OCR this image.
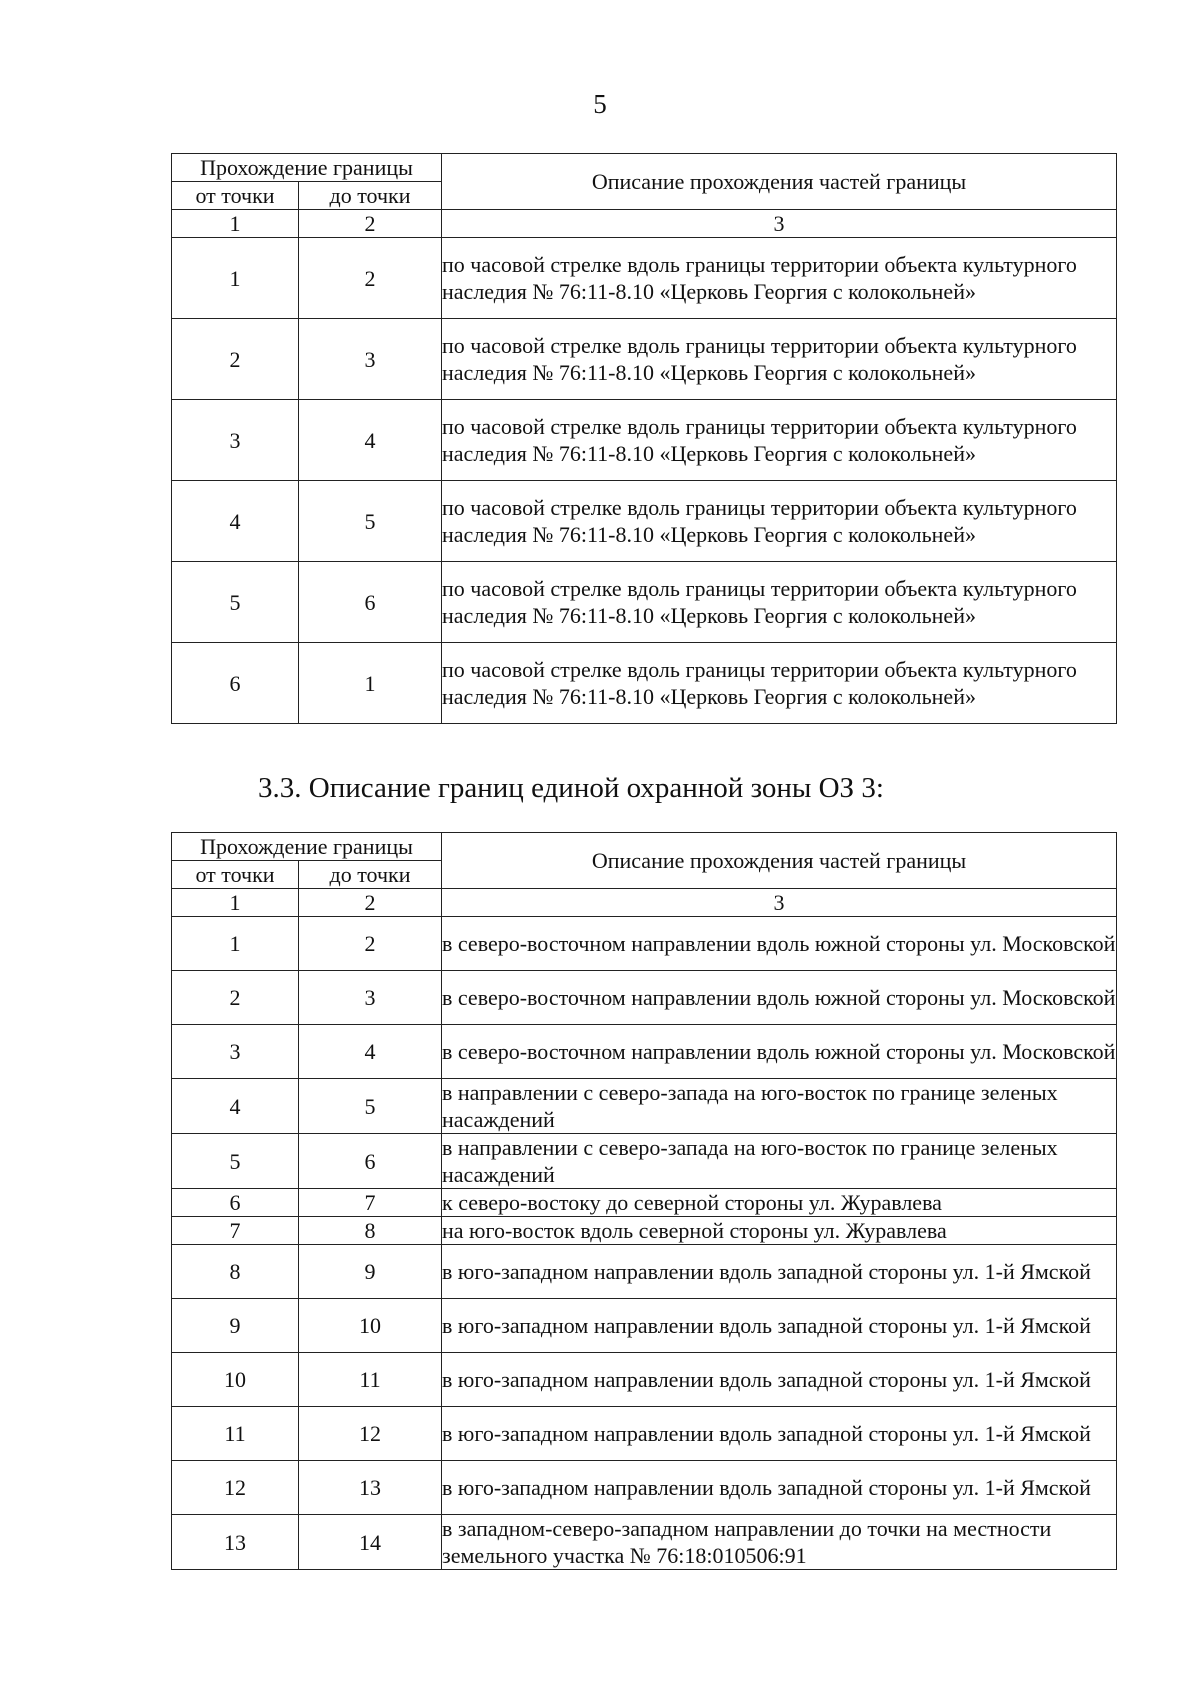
5
Прохождение границы		Описание прохождения частей границы
от точки	до точки	
1	2	3
1	2	по часовой стрелке вдоль границы территории объекта культурного наследия № 76:11-8.10 «Церковь Георгия с колокольней»
2	3	по часовой стрелке вдоль границы территории объекта культурного наследия № 76:11-8.10 «Церковь Георгия с колокольней»
3	4	по часовой стрелке вдоль границы территории объекта культурного наследия № 76:11-8.10 «Церковь Георгия с колокольней»
4	5	по часовой стрелке вдоль границы территории объекта культурного наследия № 76:11-8.10 «Церковь Георгия с колокольней»
5	6	по часовой стрелке вдоль границы территории объекта культурного наследия № 76:11-8.10 «Церковь Георгия с колокольней»
6	1	по часовой стрелке вдоль границы территории объекта культурного наследия № 76:11-8.10 «Церковь Георгия с колокольней»
3.3. Описание границ единой охранной зоны ОЗ 3:
Прохождение границы		Описание прохождения частей границы
от точки	до точки	
1	2	3
1	2	в северо-восточном направлении вдоль южной стороны ул. Московской
2	3	в северо-восточном направлении вдоль южной стороны ул. Московской
3	4	в северо-восточном направлении вдоль южной стороны ул. Московской
4	5	в направлении с северо-запада на юго-восток по границе зеленых насаждений
5	6	в направлении с северо-запада на юго-восток по границе зеленых насаждений
6	7	к северо-востоку до северной стороны ул. Журавлева
7	8	на юго-восток вдоль северной стороны ул. Журавлева
8	9	в юго-западном направлении вдоль западной стороны ул. 1-й Ямской
9	10	в юго-западном направлении вдоль западной стороны ул. 1-й Ямской
10	11	в юго-западном направлении вдоль западной стороны ул. 1-й Ямской
11	12	в юго-западном направлении вдоль западной стороны ул. 1-й Ямской
12	13	в юго-западном направлении вдоль западной стороны ул. 1-й Ямской
13	14	в западном-северо-западном направлении до точки на местности земельного участка № 76:18:010506:91
